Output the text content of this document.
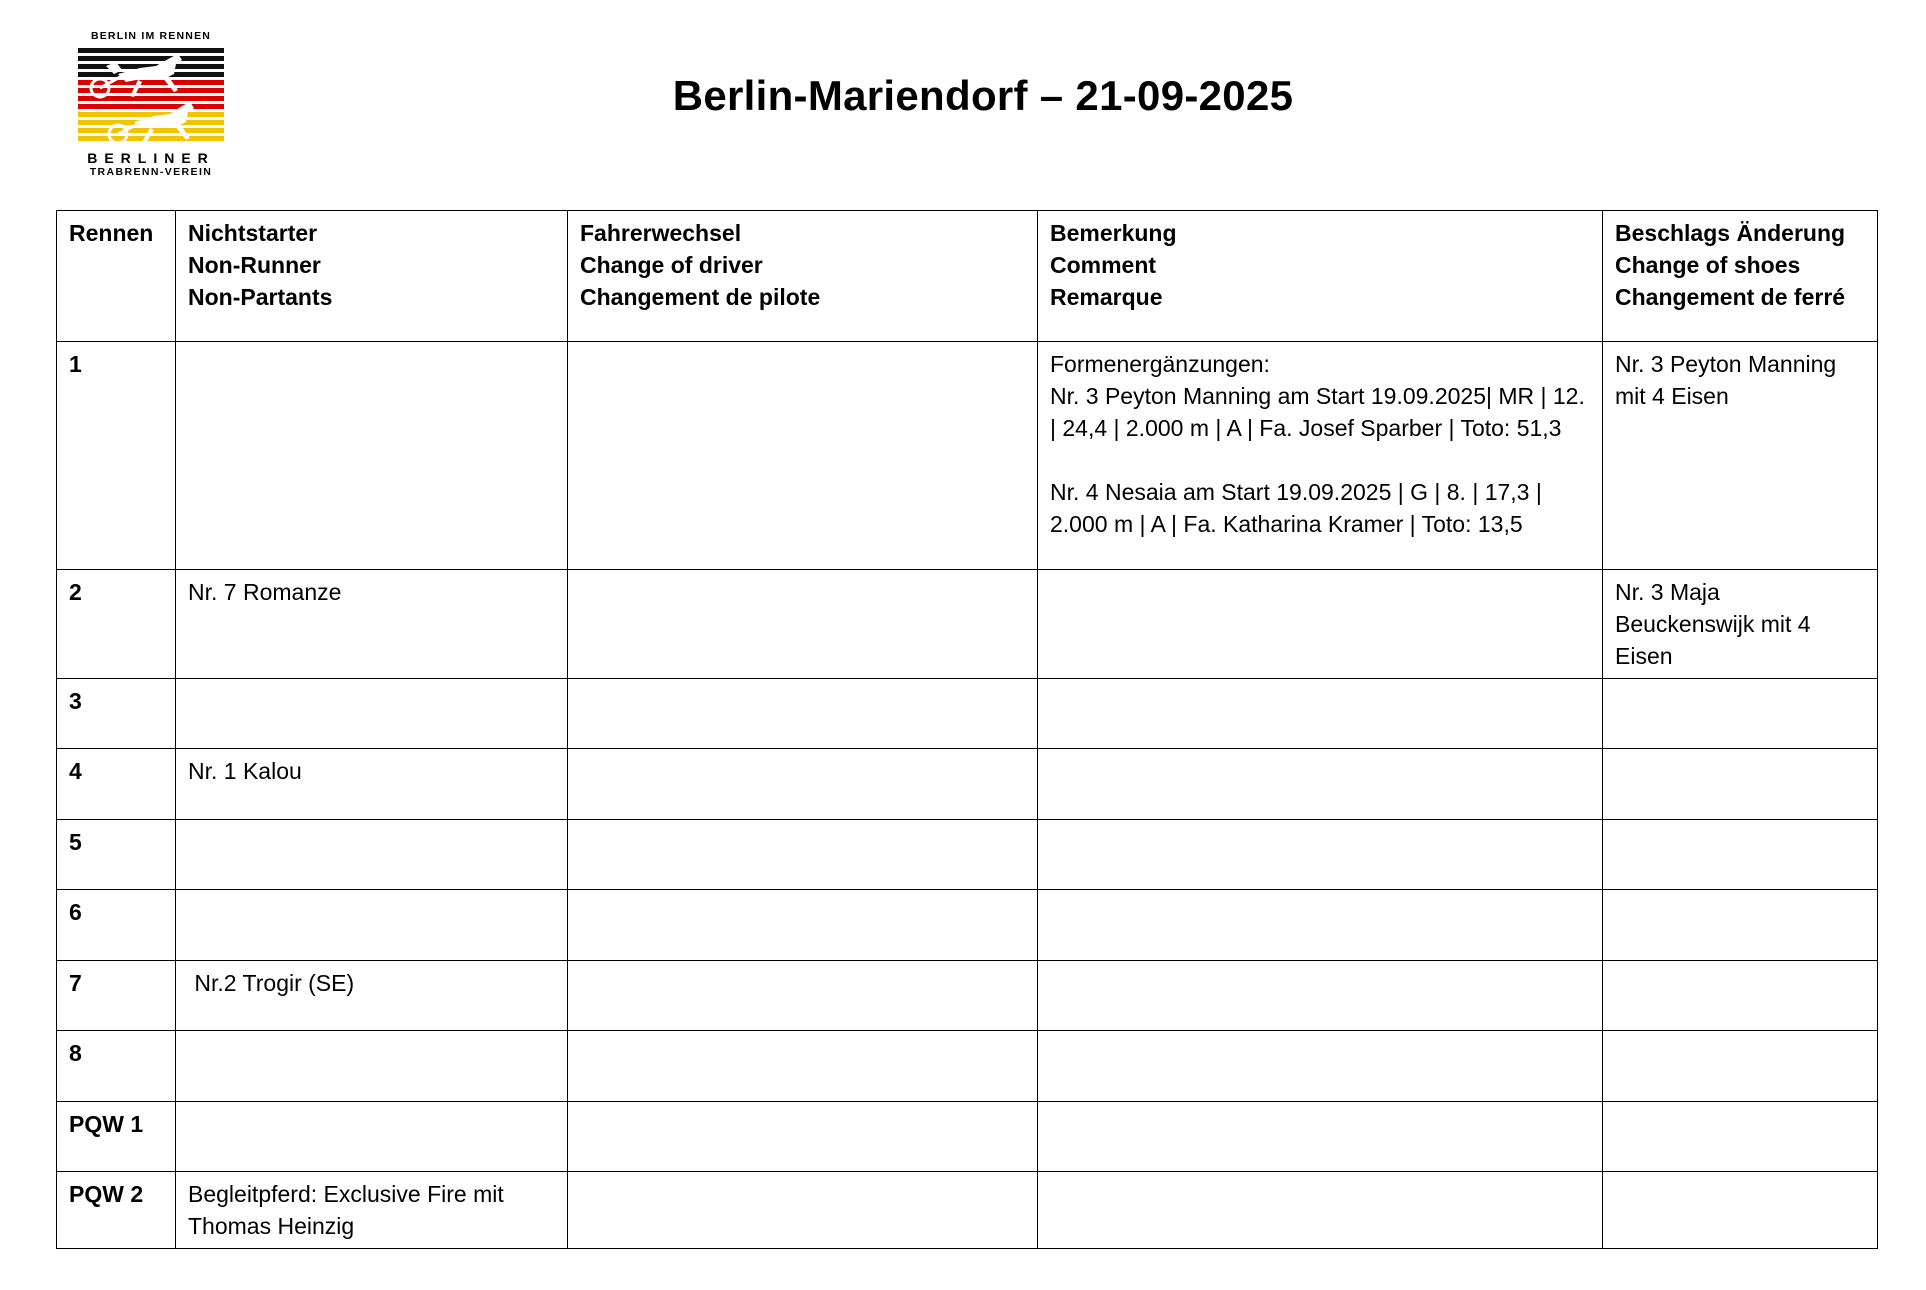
BERLIN IM RENNEN
BERLINER
TRABRENN-VEREIN
Berlin-Mariendorf – 21-09-2025
Rennen	Nichtstarter
Non-Runner
Non-Partants	Fahrerwechsel
Change of driver
Changement de pilote	Bemerkung
Comment
Remarque	Beschlags Änderung
Change of shoes
Changement de ferré

1			Formenergänzungen:
Nr. 3 Peyton Manning am Start 19.09.2025| MR | 12. | 24,4 | 2.000 m | A | Fa. Josef Sparber | Toto: 51,3
Nr. 4 Nesaia am Start 19.09.2025 | G | 8. | 17,3 | 2.000 m | A | Fa. Katharina Kramer | Toto: 13,5	Nr. 3 Peyton Manning mit 4 Eisen
2	Nr. 7 Romanze			Nr. 3 Maja Beuckenswijk mit 4 Eisen
3				
4	Nr. 1 Kalou			
5				
6				
7	Nr.2 Trogir (SE)			
8				
PQW 1				
PQW 2	Begleitpferd: Exclusive Fire mit Thomas Heinzig			
